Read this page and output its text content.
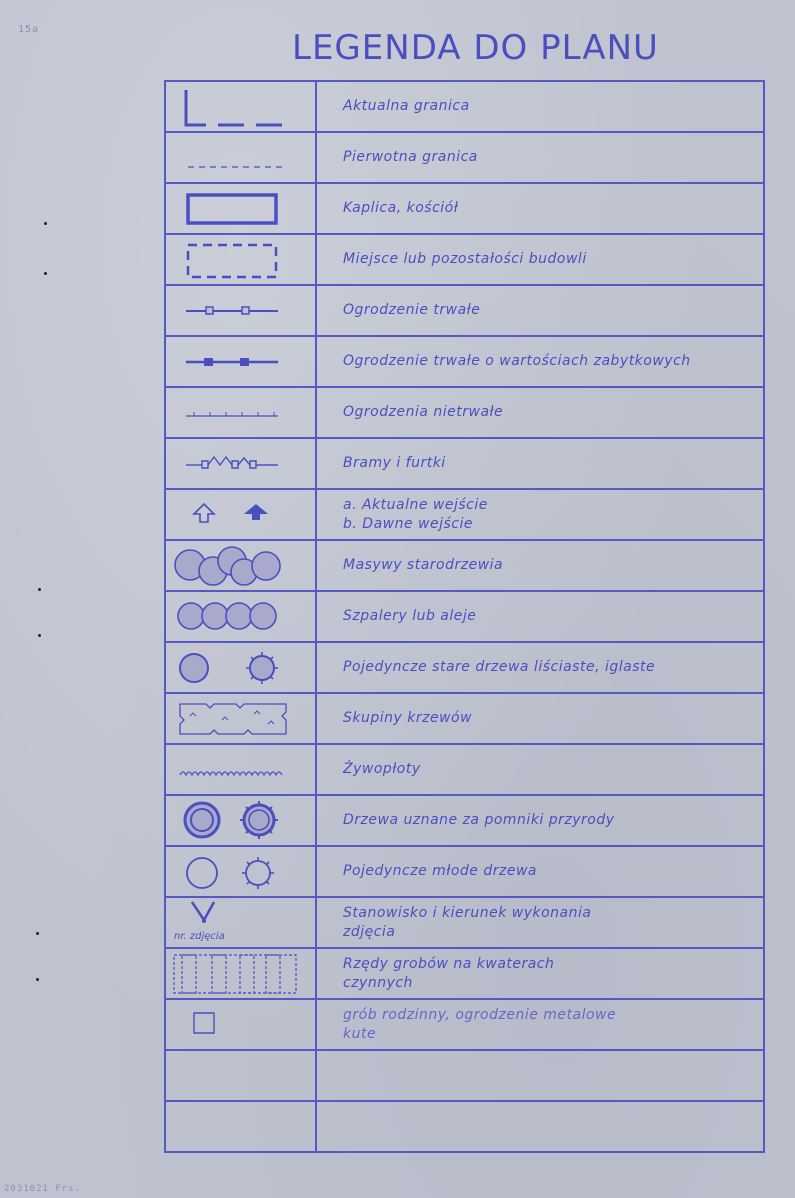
15a	LEGENDA DO PLANU

Aktualna granica

Pierwotna granica

Kaplica, kościół

Miejsce lub pozostałości budowli

Ogrodzenie trwałe

Ogrodzenie trwałe o wartościach zabytkowych

Ogrodzenia nietrwałe

Bramy i furtki

a. Aktualne wejście
b. Dawne wejście

Masywy starodrzewia

Szpalery lub aleje

Pojedyncze stare drzewa liściaste, iglaste

Skupiny krzewów

Żywopłoty

Drzewa uznane za pomniki przyrody

Pojedyncze młode drzewa

nr. zdjęcia	Stanowisko i kierunek wykonania
zdjęcia

Rzędy grobów na kwaterach
czynnych

grób rodzinny, ogrodzenie metalowe
kute

2031021 Frs.
